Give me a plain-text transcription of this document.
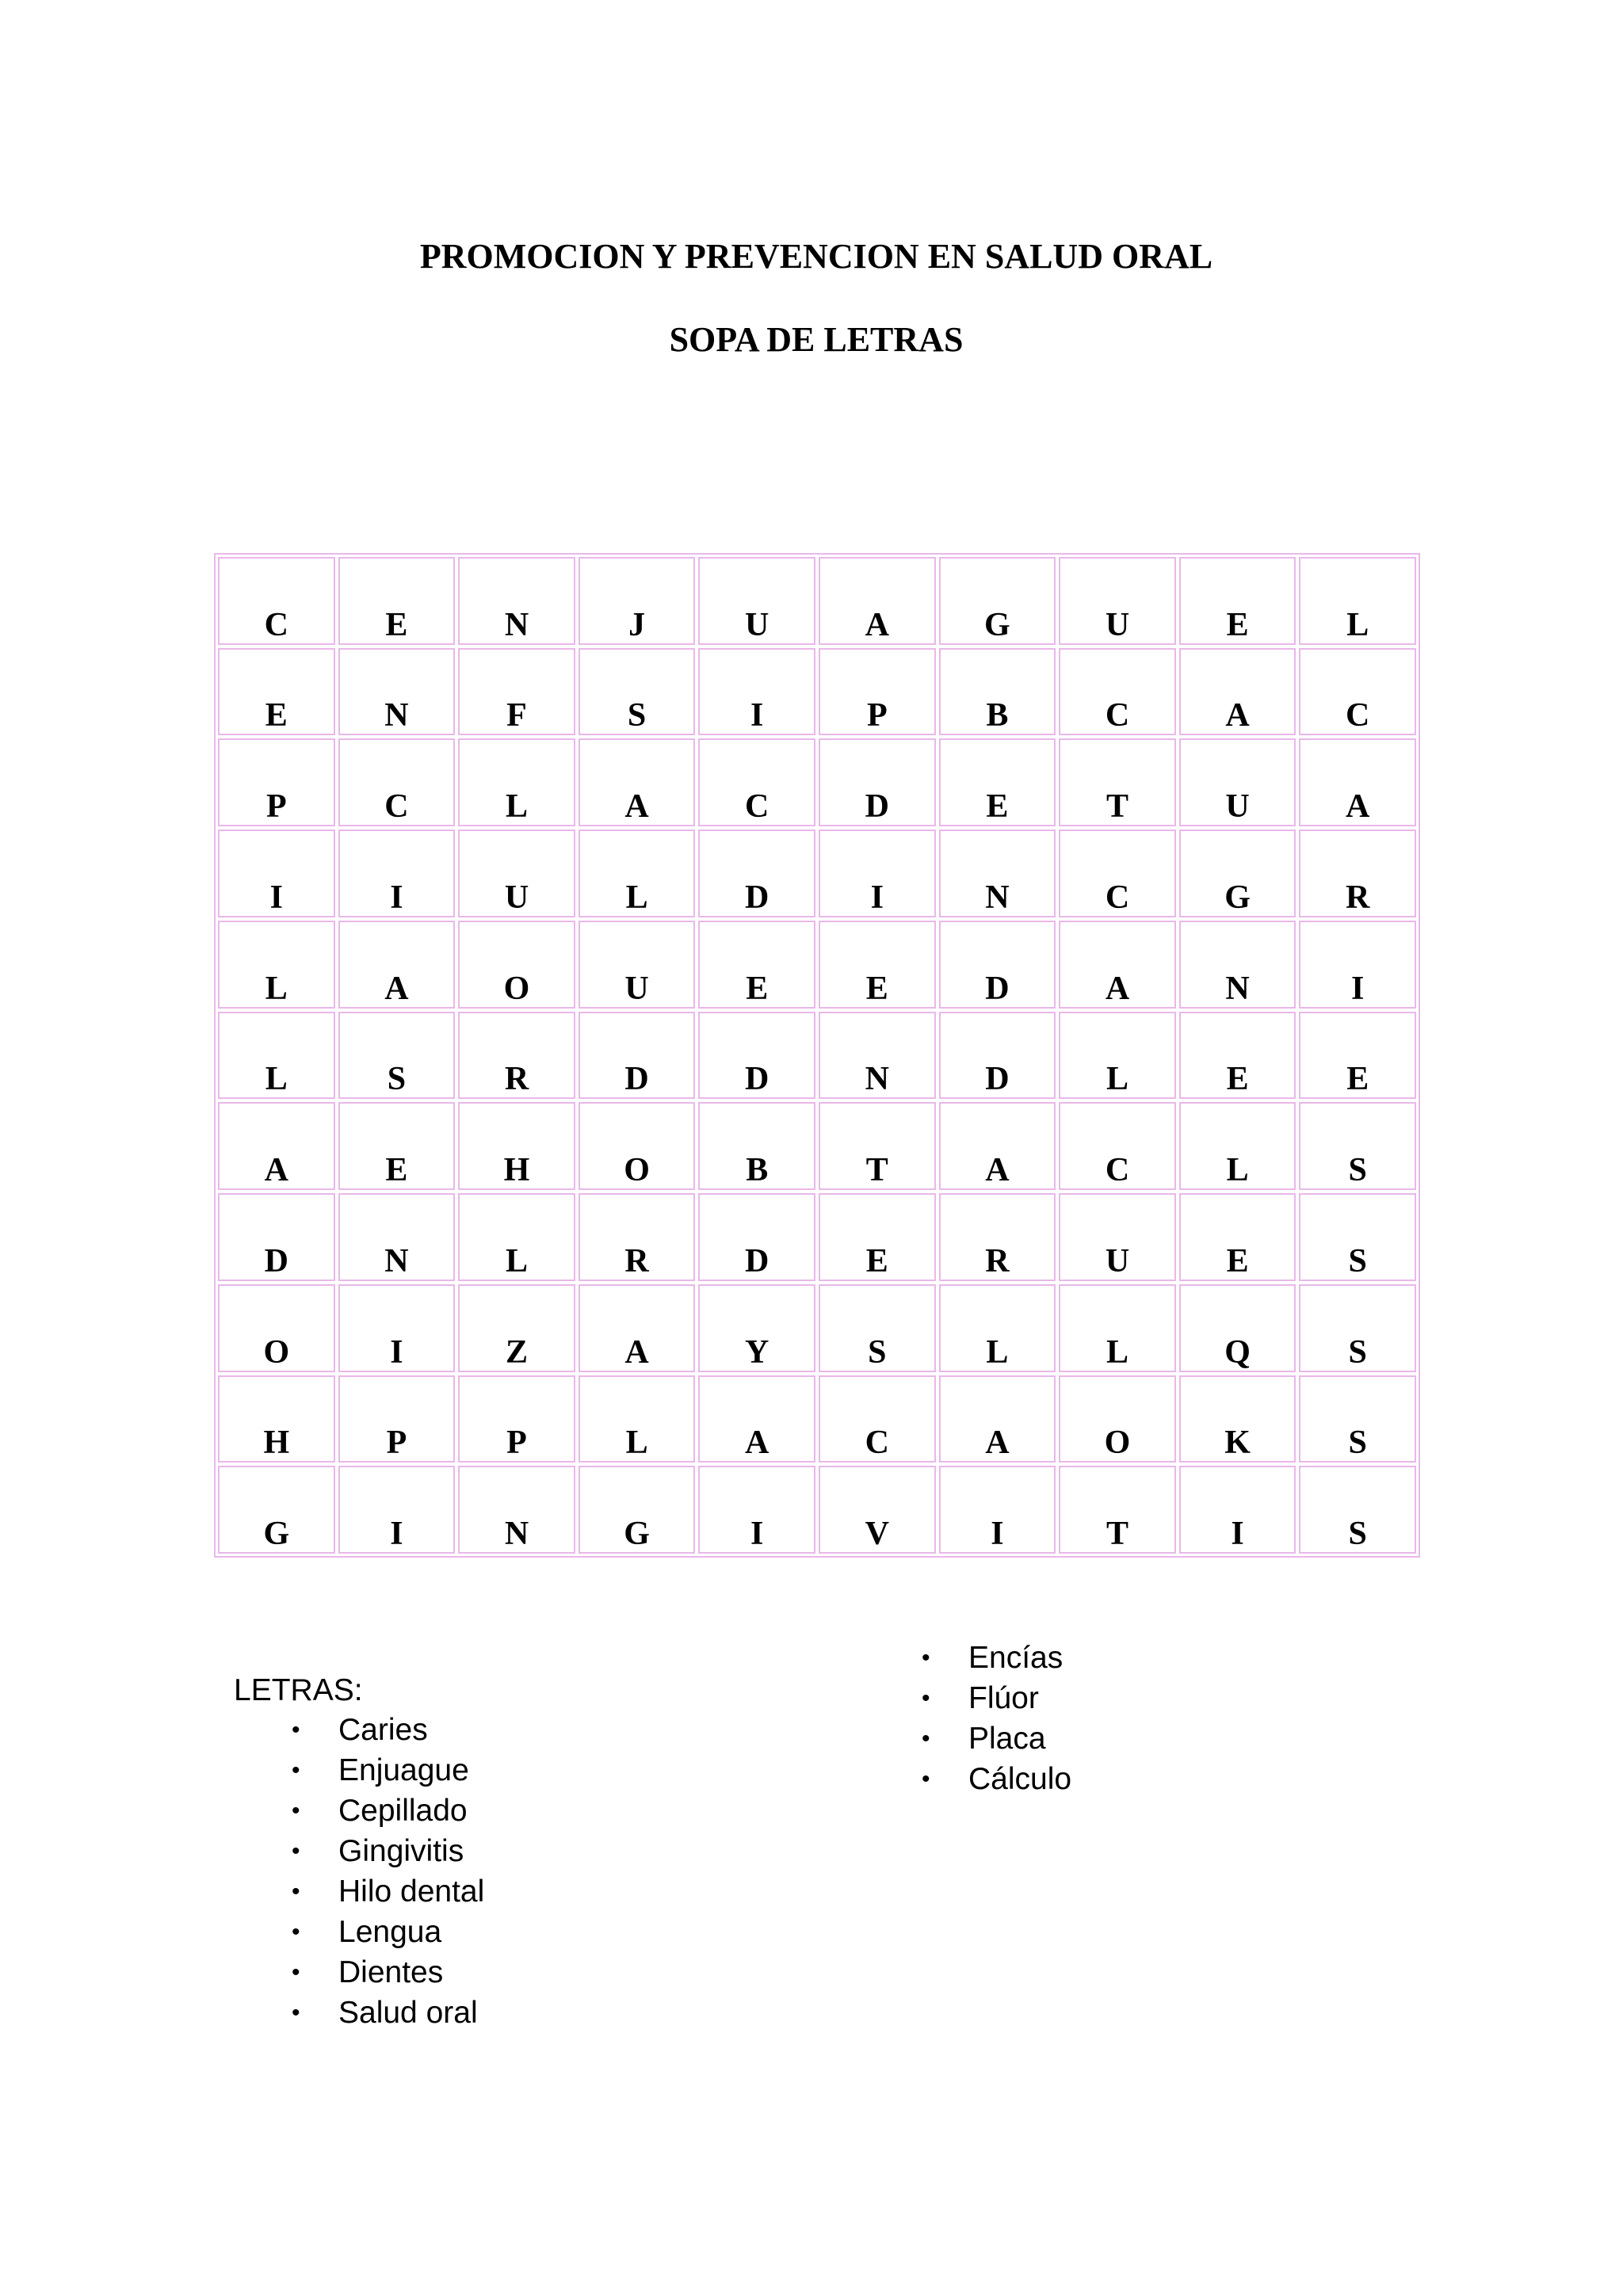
PROMOCION Y PREVENCION EN SALUD ORAL
SOPA DE LETRAS
C	E	N	J	U	A	G	U	E	L
E	N	F	S	I	P	B	C	A	C
P	C	L	A	C	D	E	T	U	A
I	I	U	L	D	I	N	C	G	R
L	A	O	U	E	E	D	A	N	I
L	S	R	D	D	N	D	L	E	E
A	E	H	O	B	T	A	C	L	S
D	N	L	R	D	E	R	U	E	S
O	I	Z	A	Y	S	L	L	Q	S
H	P	P	L	A	C	A	O	K	S
G	I	N	G	I	V	I	T	I	S

LETRAS:

• Caries
• Enjuague
• Cepillado
• Gingivitis
• Hilo dental
• Lengua
• Dientes
• Salud oral
• Encías
• Flúor
• Placa
• Cálculo
